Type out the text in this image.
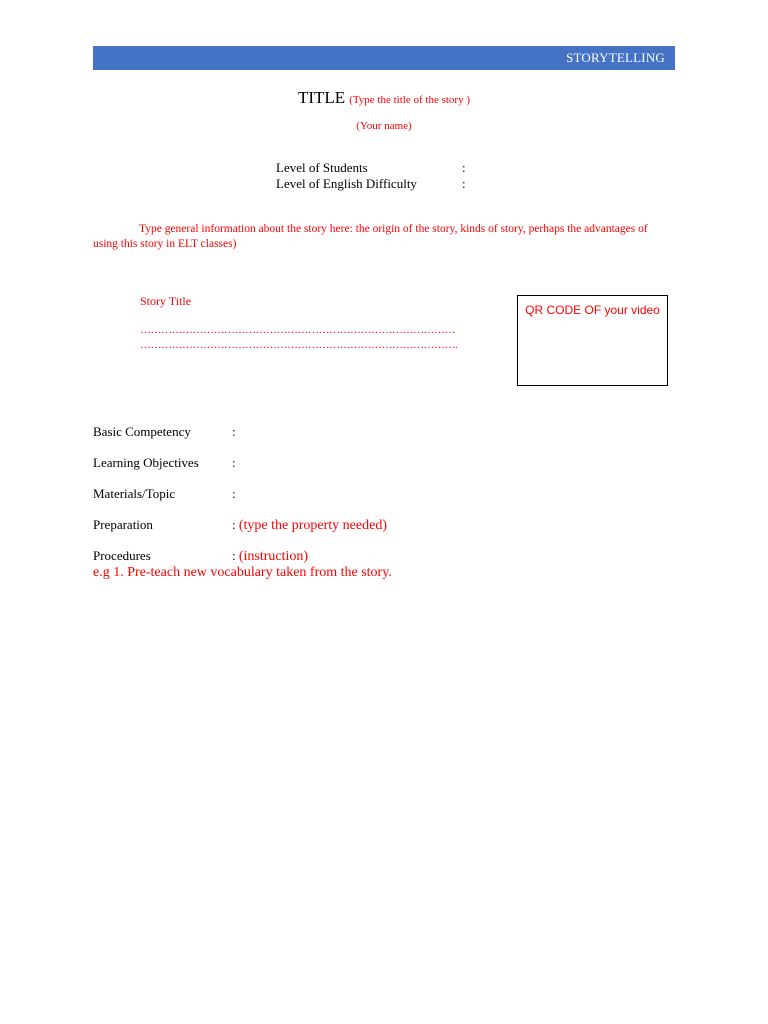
STORYTELLING
TITLE (Type the title of the story )
(Your name)
Level of Students	:
Level of English Difficulty	:
Type general information about the story here: the origin of the story, kinds of story, perhaps the advantages of using this story in ELT classes)
Story Title
………………………………………………………………………………
……………………………………………………………………………….
QR CODE OF your video
Basic Competency	:
Learning Objectives	:
Materials/Topic	:
Preparation	: (type the property needed)
Procedures	: (instruction)
e.g 1. Pre-teach new vocabulary taken from the story.
